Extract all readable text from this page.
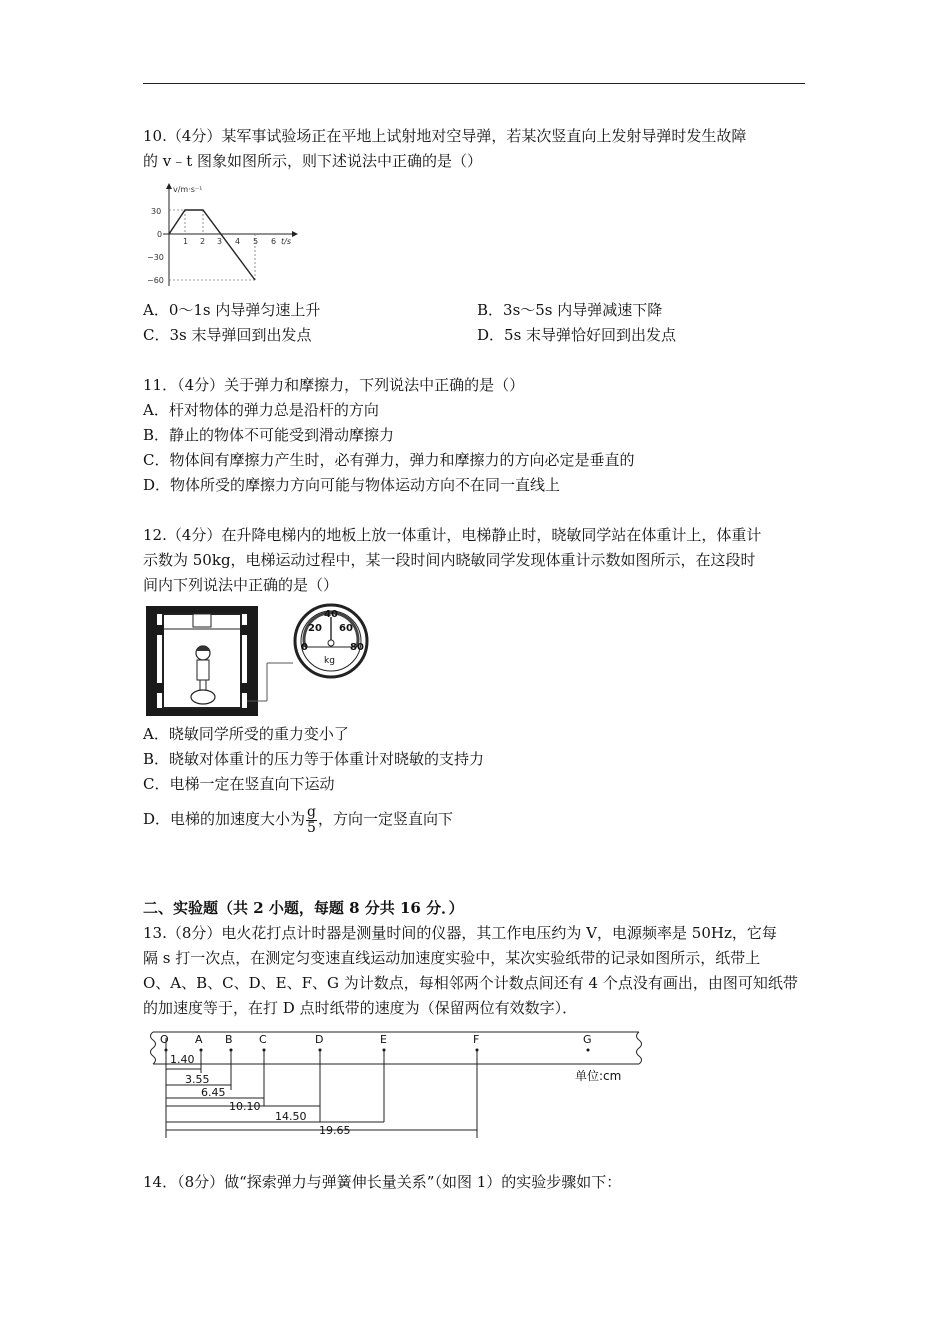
10.（4分）某军事试验场正在平地上试射地对空导弹，若某次竖直向上发射导弹时发生故障
的 v﹣t 图象如图所示，则下述说法中正确的是（）
v/m·s⁻¹
t/s
30
0
−30
−60
1 2 3 4 5 6
A．0～1s 内导弹匀速上升	B．3s～5s 内导弹减速下降
C．3s 末导弹回到出发点	D．5s 末导弹恰好回到出发点
11．（4分）关于弹力和摩擦力，下列说法中正确的是（）
A．杆对物体的弹力总是沿杆的方向
B．静止的物体不可能受到滑动摩擦力
C．物体间有摩擦力产生时，必有弹力，弹力和摩擦力的方向必定是垂直的
D．物体所受的摩擦力方向可能与物体运动方向不在同一直线上
12.（4分）在升降电梯内的地板上放一体重计，电梯静止时，晓敏同学站在体重计上，体重计
示数为 50kg，电梯运动过程中，某一段时间内晓敏同学发现体重计示数如图所示，在这段时
间内下列说法中正确的是（）
40
20 60
0	80
kg
A．晓敏同学所受的重力变小了
B．晓敏对体重计的压力等于体重计对晓敏的支持力
C．电梯一定在竖直向下运动
D．电梯的加速度大小为 $\frac{g}{5}$ ，方向一定竖直向下
二、实验题（共 2 小题，每题 8 分共 16 分．）
13.（8分）电火花打点计时器是测量时间的仪器，其工作电压约为 V，电源频率是 50Hz，它每
隔 s 打一次点，在测定匀变速直线运动加速度实验中，某次实验纸带的记录如图所示，纸带上
O、A、B、C、D、E、F、G 为计数点，每相邻两个计数点间还有 4 个点没有画出，由图可知纸带
的加速度等于，在打 D 点时纸带的速度为（保留两位有效数字）．
O A B C	D	E	F	G
1.40
3.55
6.45
10.10
14.50
19.65
单位:cm
14．（8分）做“探索弹力与弹簧伸长量关系”（如图 1）的实验步骤如下：
